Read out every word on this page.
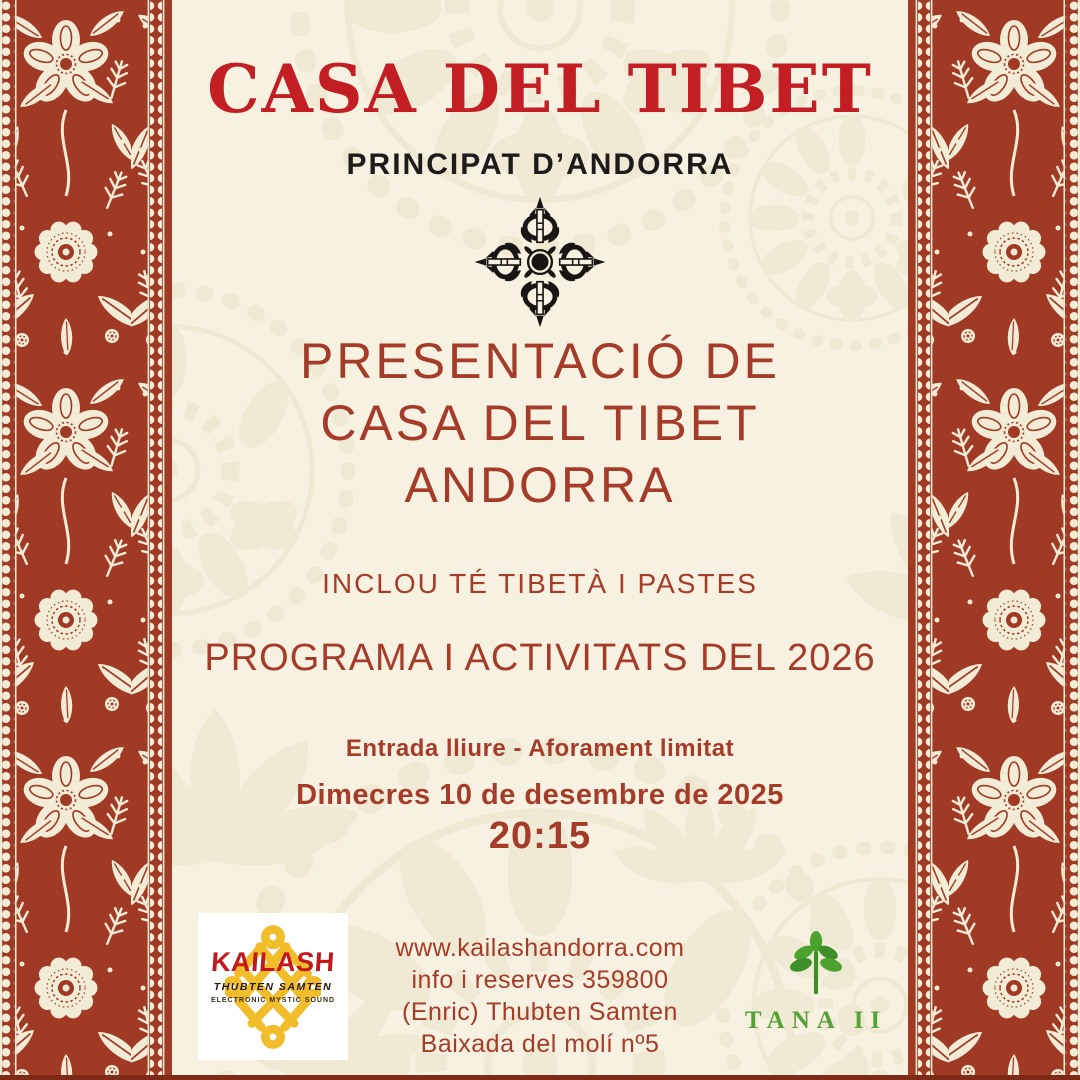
CASA DEL TIBET
PRINCIPAT D’ANDORRA
PRESENTACIÓ DE
CASA DEL TIBET
ANDORRA
INCLOU TÉ TIBETÀ I PASTES
PROGRAMA I ACTIVITATS DEL 2026
Entrada lliure - Aforament limitat
Dimecres 10 de desembre de 2025
20:15
www.kailashandorra.com
info i reserves 359800
(Enric) Thubten Samten
Baixada del molí nº5
KAILASH
THUBTEN SAMTEN
ELECTRONIC MYSTIC SOUND
TANA II
